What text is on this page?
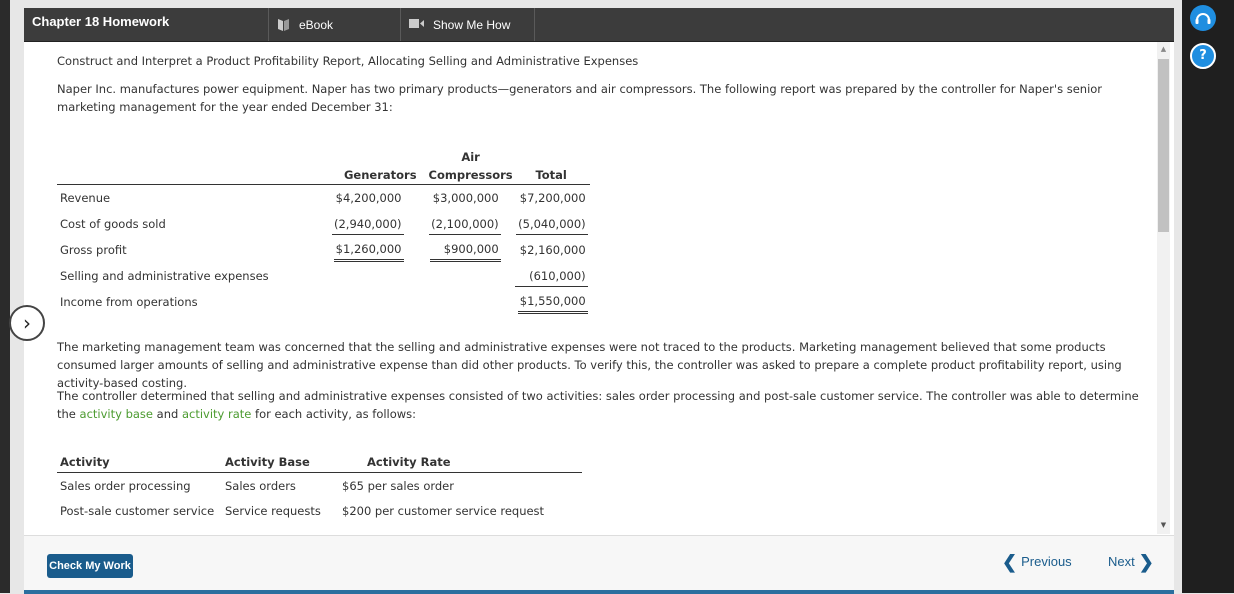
Chapter 18 Homework	eBook	Show Me How

Construct and Interpret a Product Profitability Report, Allocating Selling and Administrative Expenses

Naper Inc. manufactures power equipment. Naper has two primary products—generators and air compressors. The following report was prepared by the controller for Naper's senior marketing management for the year ended December 31:

		Air	
	Generators	Compressors	Total
Revenue	$4,200,000	$3,000,000	$7,200,000
Cost of goods sold	(2,940,000)	(2,100,000)	(5,040,000)
Gross profit	$1,260,000	$900,000	$2,160,000
Selling and administrative expenses			(610,000)
Income from operations			$1,550,000

The marketing management team was concerned that the selling and administrative expenses were not traced to the products. Marketing management believed that some products consumed larger amounts of selling and administrative expense than did other products. To verify this, the controller was asked to prepare a complete product profitability report, using activity-based costing.

The controller determined that selling and administrative expenses consisted of two activities: sales order processing and post-sale customer service. The controller was able to determine the activity base and activity rate for each activity, as follows:

Activity	Activity Base	Activity Rate
Sales order processing	Sales orders	$65 per sales order
Post-sale customer service	Service requests	$200 per customer service request
▲
▼
Check My Work	❮ Previous	Next ❯
›
?
